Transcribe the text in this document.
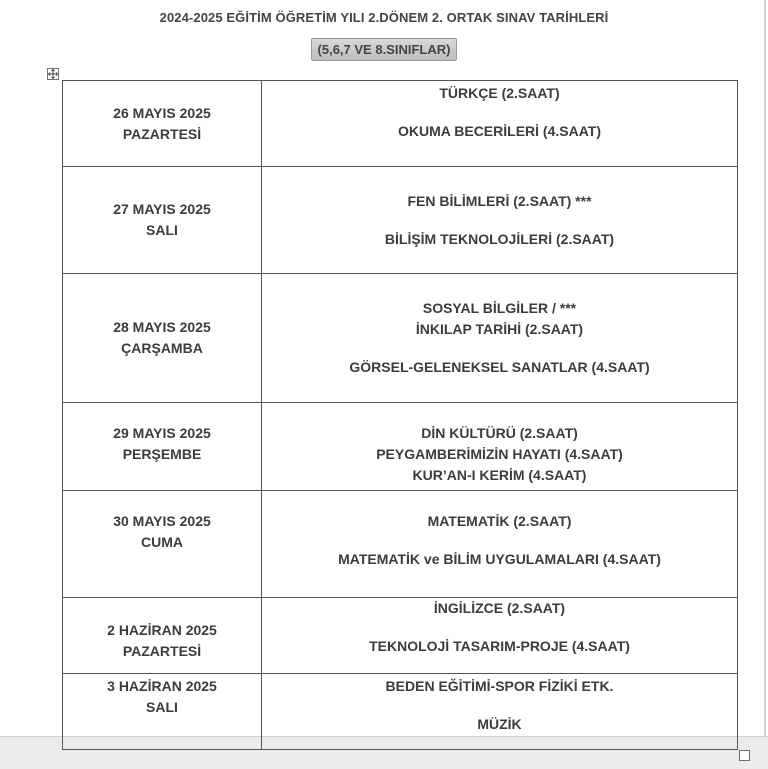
2024-2025 EĞİTİM ÖĞRETİM YILI 2.DÖNEM 2. ORTAK SINAV TARİHLERİ
(5,6,7 VE 8.SINIFLAR)
26 MAYIS 2025
PAZARTESİ	TÜRKÇE (2.SAAT)
OKUMA BECERİLERİ (4.SAAT)

27 MAYIS 2025
SALI	FEN BİLİMLERİ (2.SAAT) ***
BİLİŞİM TEKNOLOJİLERİ (2.SAAT)

28 MAYIS 2025
ÇARŞAMBA	SOSYAL BİLGİLER / ***
İNKILAP TARİHİ (2.SAAT)
GÖRSEL-GELENEKSEL SANATLAR (4.SAAT)

29 MAYIS 2025
PERŞEMBE	DİN KÜLTÜRÜ (2.SAAT)
PEYGAMBERİMİZİN HAYATI (4.SAAT)
KUR’AN-I KERİM (4.SAAT)

30 MAYIS 2025
CUMA	MATEMATİK (2.SAAT)
MATEMATİK ve BİLİM UYGULAMALARI (4.SAAT)

2 HAZİRAN 2025
PAZARTESİ	İNGİLİZCE (2.SAAT)
TEKNOLOJİ TASARIM-PROJE (4.SAAT)

3 HAZİRAN 2025
SALI	BEDEN EĞİTİMİ-SPOR FİZİKİ ETK.
MÜZİK
